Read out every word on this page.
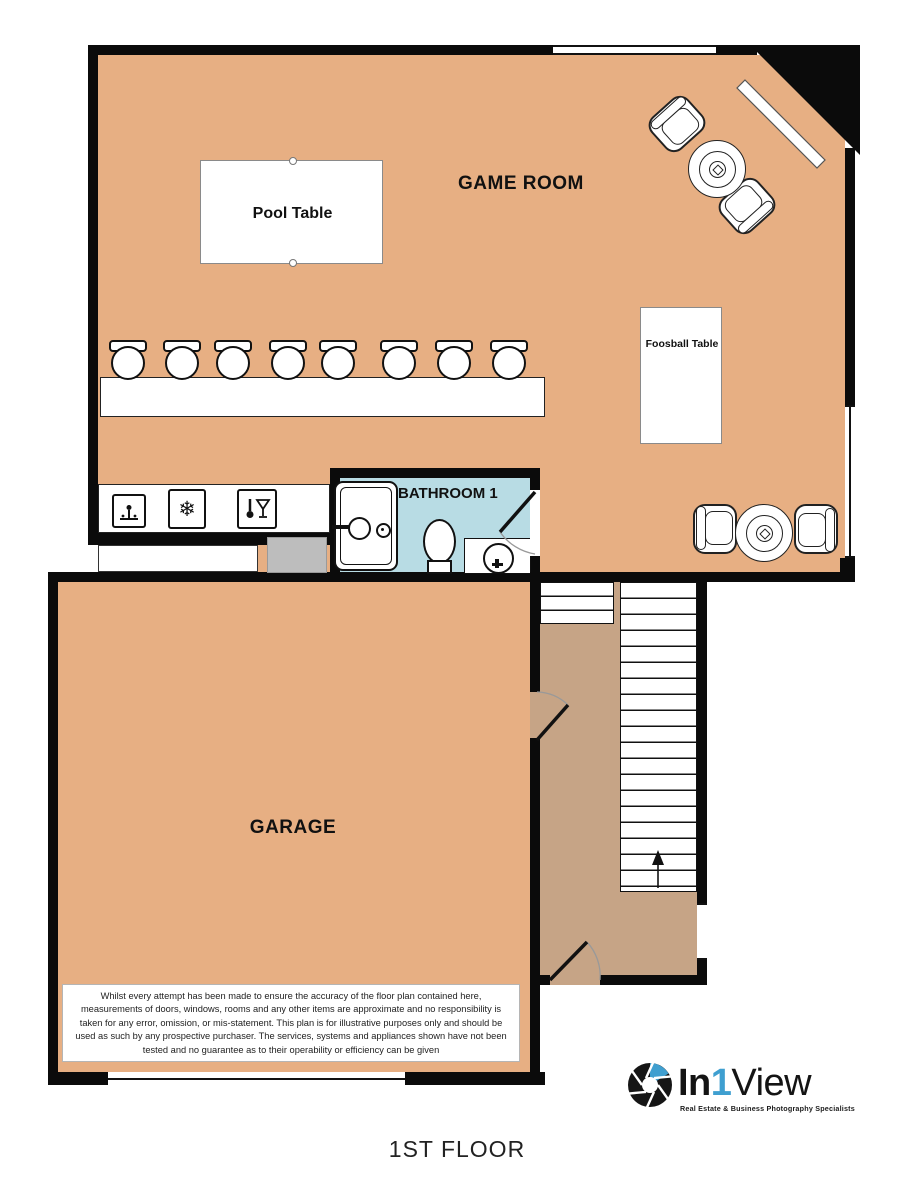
GAME ROOM
Pool Table
Foosball Table
❄
BATHROOM 1
GARAGE
Whilst every attempt has been made to ensure the accuracy of the floor plan contained here, measurements of doors, windows, rooms and any other items are approximate and no responsibility is taken for any error, omission, or mis-statement. This plan is for illustrative purposes only and should be used as such by any prospective purchaser. The services, systems and appliances shown have not been tested and no guarantee as to their operability or efficiency can be given
In1View
Real Estate & Business Photography Specialists
1ST FLOOR
